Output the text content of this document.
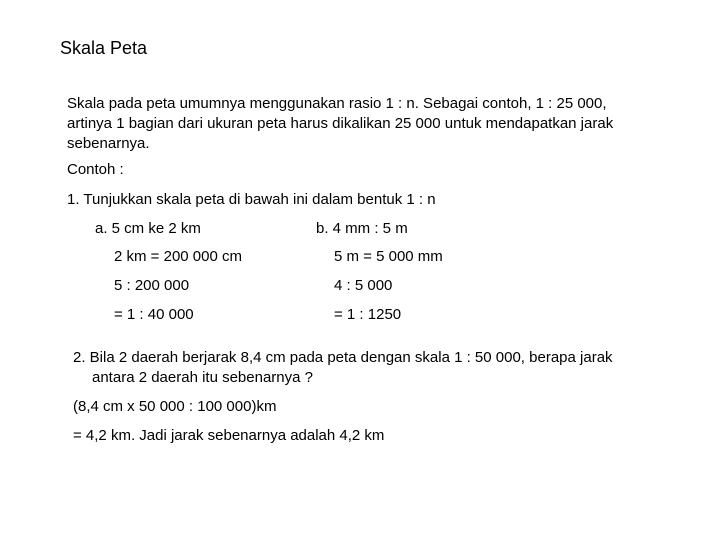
Skala Peta
Skala pada peta umumnya menggunakan rasio 1 : n. Sebagai contoh, 1 : 25 000,
artinya 1 bagian dari ukuran peta harus dikalikan 25 000 untuk mendapatkan jarak
sebenarnya.
Contoh :
1. Tunjukkan skala peta di bawah ini dalam bentuk 1 : n
a. 5 cm ke 2 km
2 km = 200 000 cm
5 : 200 000
= 1 : 40 000
b. 4 mm : 5 m
5 m = 5 000 mm
4 : 5 000
= 1 : 1250
2. Bila 2 daerah berjarak 8,4 cm pada peta dengan skala 1 : 50 000, berapa jarak
antara 2 daerah itu sebenarnya ?
(8,4 cm x 50 000 : 100 000)km
= 4,2 km. Jadi jarak sebenarnya adalah 4,2 km
